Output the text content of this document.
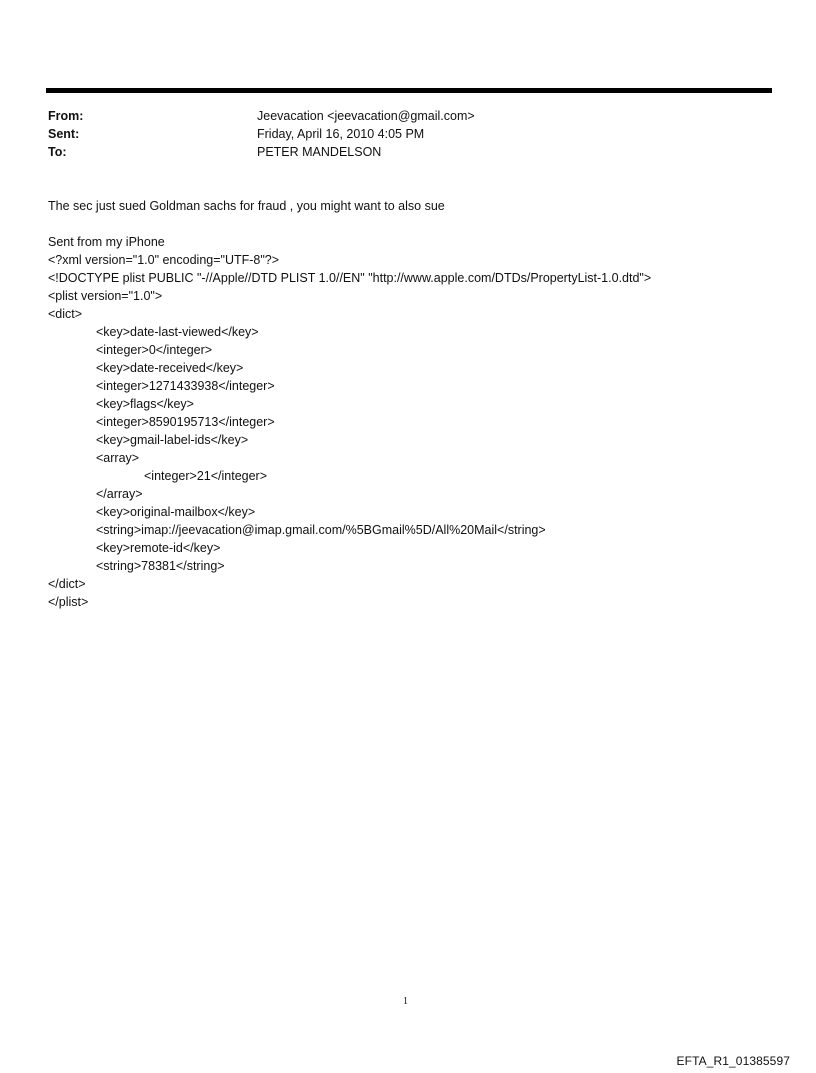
From:	Jeevacation <jeevacation@gmail.com>
Sent:	Friday, April 16, 2010 4:05 PM
To:	PETER MANDELSON
The sec just sued Goldman sachs for fraud , you might want to also sue
Sent from my iPhone
<?xml version="1.0" encoding="UTF-8"?>
<!DOCTYPE plist PUBLIC "-//Apple//DTD PLIST 1.0//EN" "http://www.apple.com/DTDs/PropertyList-1.0.dtd">
<plist version="1.0">
<dict>
<key>date-last-viewed</key>
<integer>0</integer>
<key>date-received</key>
<integer>1271433938</integer>
<key>flags</key>
<integer>8590195713</integer>
<key>gmail-label-ids</key>
<array>
<integer>21</integer>
</array>
<key>original-mailbox</key>
<string>imap://jeevacation@imap.gmail.com/%5BGmail%5D/All%20Mail</string>
<key>remote-id</key>
<string>78381</string>
</dict>
</plist>
1
EFTA_R1_01385597
